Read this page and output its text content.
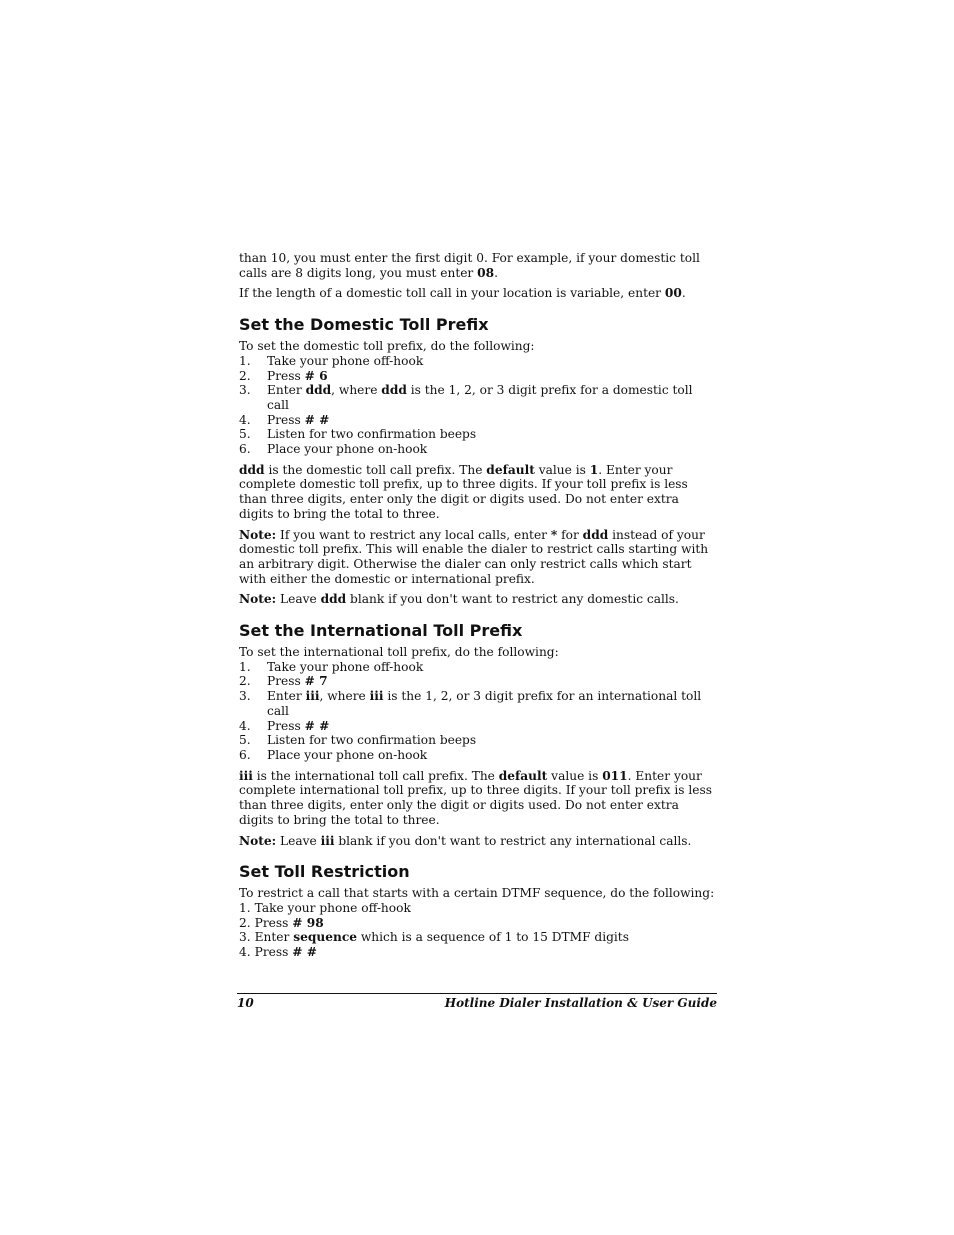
than 10, you must enter the first digit 0. For example, if your domestic toll calls are 8 digits long, you must enter 08.

If the length of a domestic toll call in your location is variable, enter 00.

Set the Domestic Toll Prefix

To set the domestic toll prefix, do the following:

1.	Take your phone off-hook
2.	Press # 6
3.	Enter ddd, where ddd is the 1, 2, or 3 digit prefix for a domestic toll call
4.	Press # #
5.	Listen for two confirmation beeps
6.	Place your phone on-hook

ddd is the domestic toll call prefix. The default value is 1. Enter your complete domestic toll prefix, up to three digits. If your toll prefix is less than three digits, enter only the digit or digits used. Do not enter extra digits to bring the total to three.

Note: If you want to restrict any local calls, enter * for ddd instead of your domestic toll prefix. This will enable the dialer to restrict calls starting with an arbitrary digit. Otherwise the dialer can only restrict calls which start with either the domestic or international prefix.

Note: Leave ddd blank if you don't want to restrict any domestic calls.

Set the International Toll Prefix

To set the international toll prefix, do the following:

1.	Take your phone off-hook
2.	Press # 7
3.	Enter iii, where iii is the 1, 2, or 3 digit prefix for an international toll call
4.	Press # #
5.	Listen for two confirmation beeps
6.	Place your phone on-hook

iii is the international toll call prefix. The default value is 011. Enter your complete international toll prefix, up to three digits. If your toll prefix is less than three digits, enter only the digit or digits used. Do not enter extra digits to bring the total to three.

Note: Leave iii blank if you don't want to restrict any international calls.

Set Toll Restriction

To restrict a call that starts with a certain DTMF sequence, do the following:

1. Take your phone off-hook
2. Press # 98
3. Enter sequence which is a sequence of 1 to 15 DTMF digits
4. Press # #
10	Hotline Dialer Installation & User Guide
